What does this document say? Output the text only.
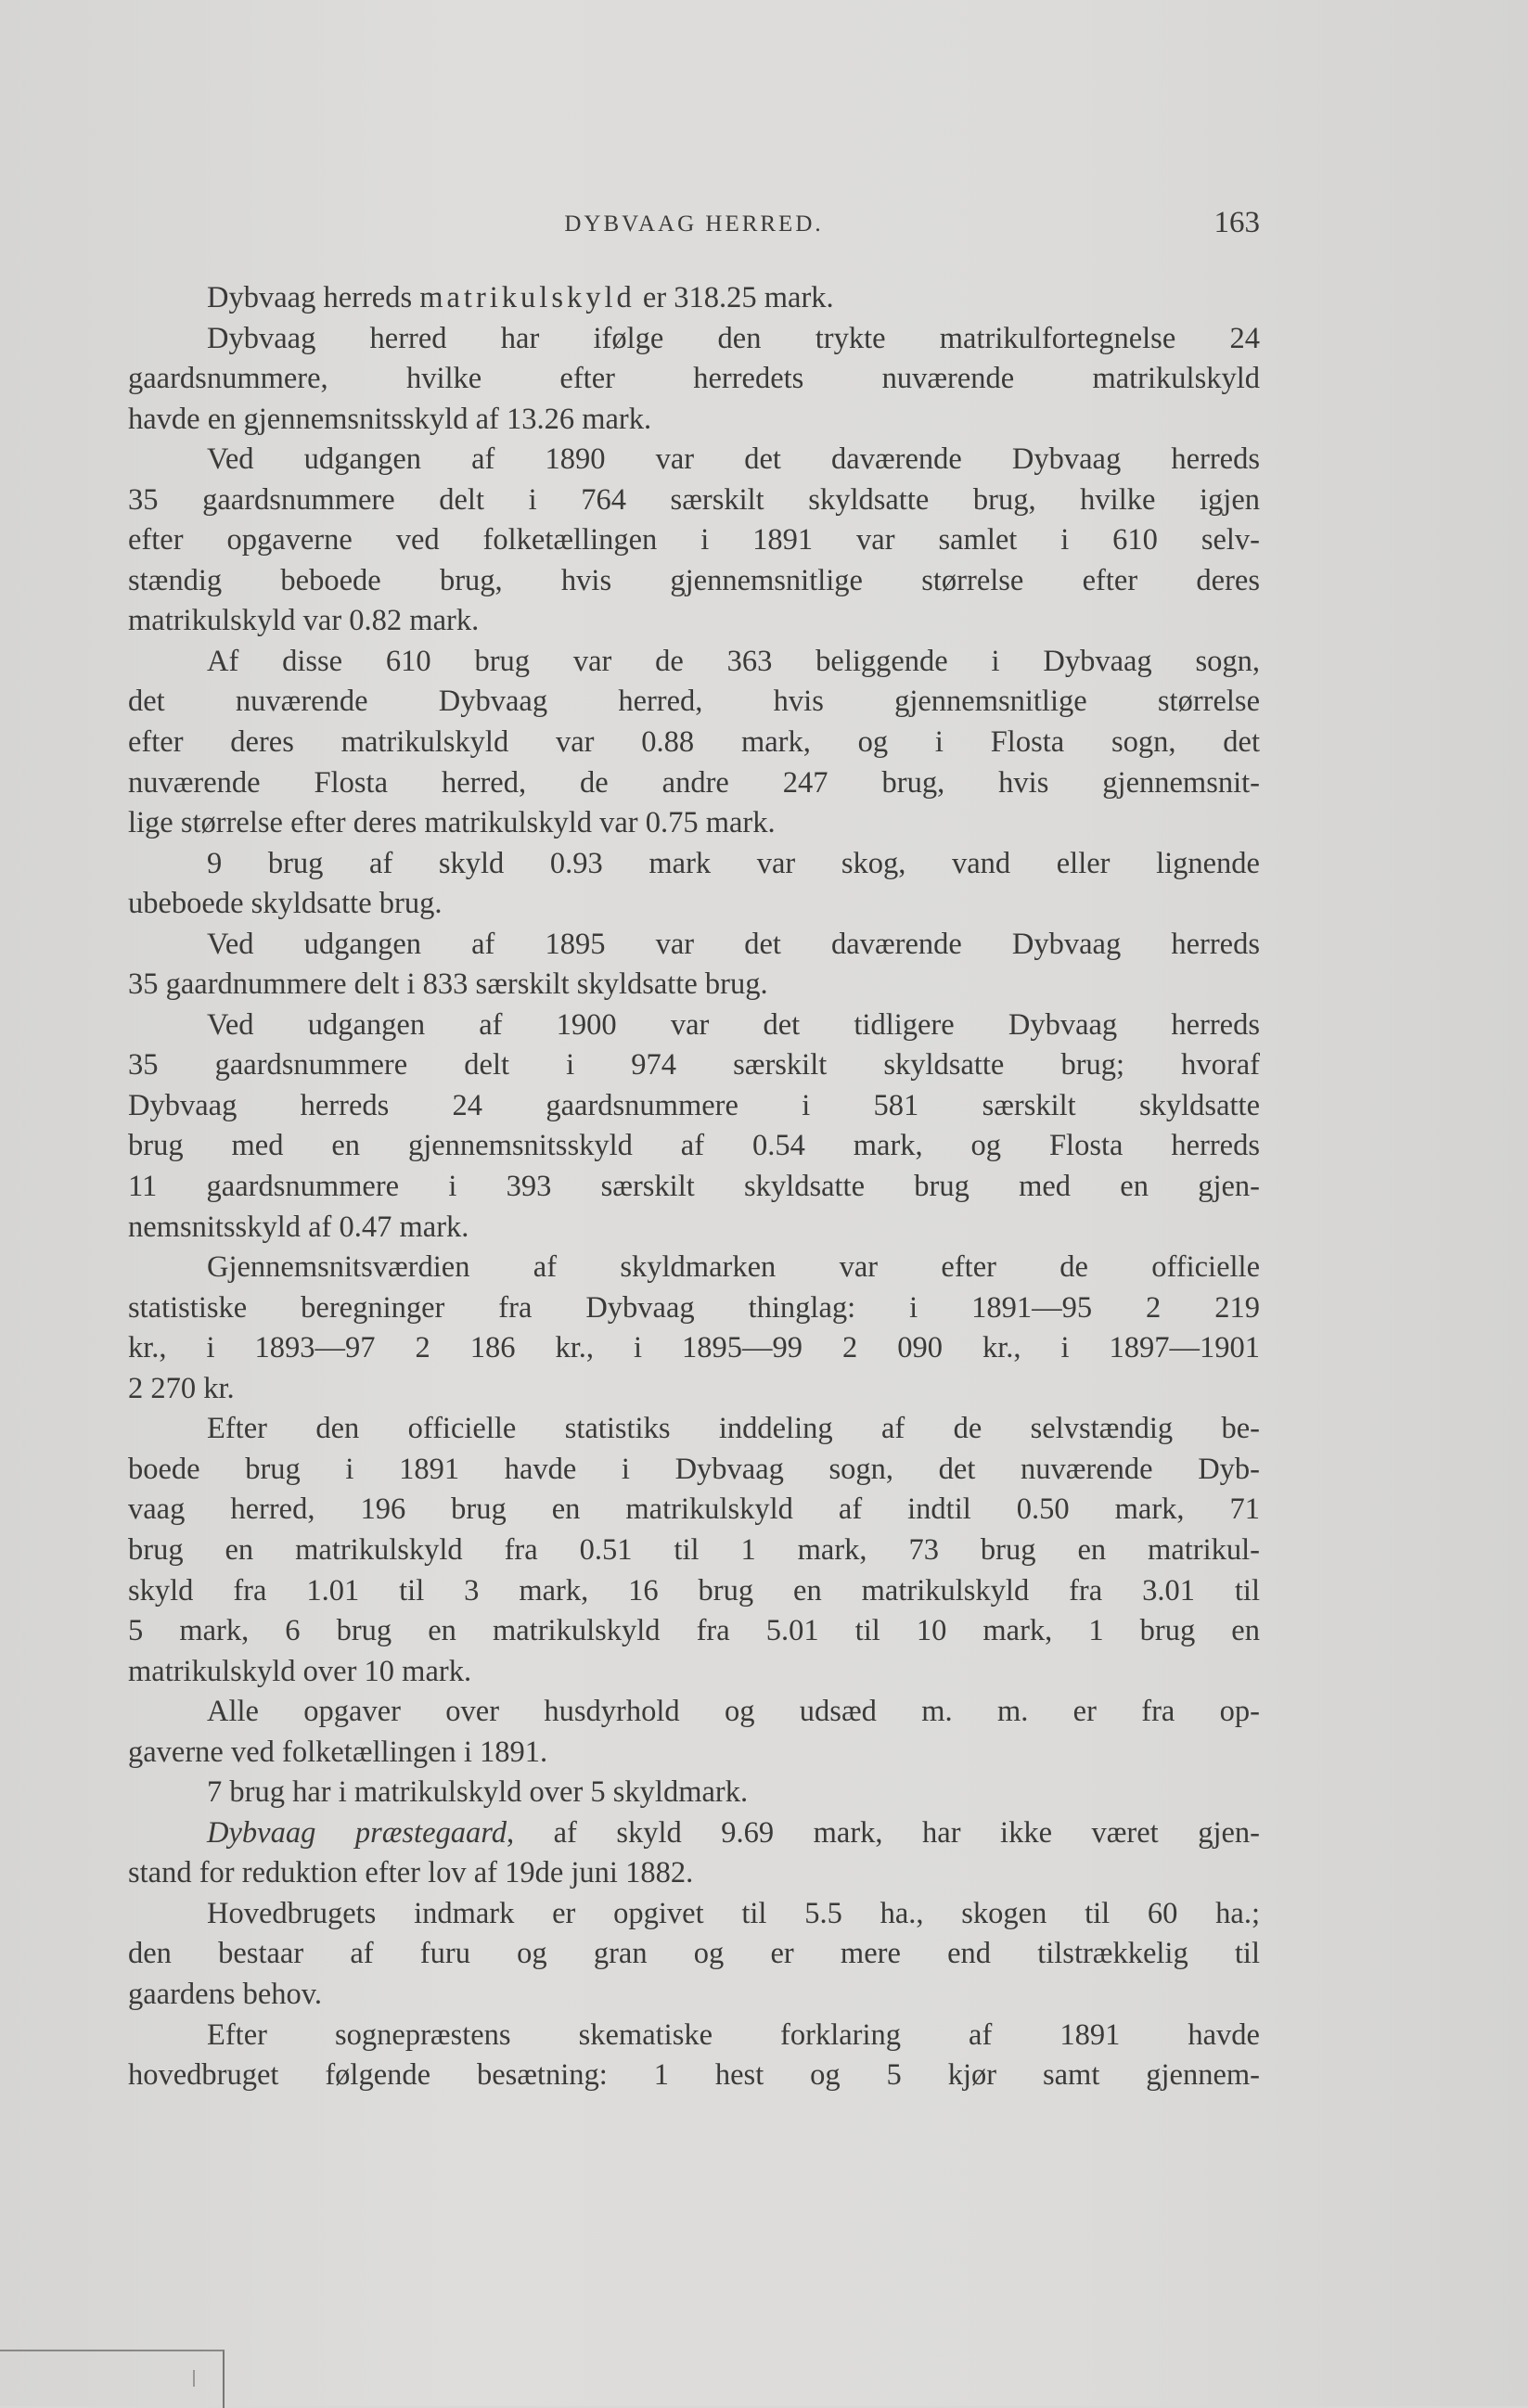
DYBVAAG HERRED.	163
Dybvaag herreds matrikulskyld er 318.25 mark.
Dybvaag herred har ifølge den trykte matrikulfortegnelse 24
gaardsnummere, hvilke efter herredets nuværende matrikulskyld
havde en gjennemsnitsskyld af 13.26 mark.
Ved udgangen af 1890 var det daværende Dybvaag herreds
35 gaardsnummere delt i 764 særskilt skyldsatte brug, hvilke igjen
efter opgaverne ved folketællingen i 1891 var samlet i 610 selv-
stændig beboede brug, hvis gjennemsnitlige størrelse efter deres
matrikulskyld var 0.82 mark.
Af disse 610 brug var de 363 beliggende i Dybvaag sogn,
det nuværende Dybvaag herred, hvis gjennemsnitlige størrelse
efter deres matrikulskyld var 0.88 mark, og i Flosta sogn, det
nuværende Flosta herred, de andre 247 brug, hvis gjennemsnit-
lige størrelse efter deres matrikulskyld var 0.75 mark.
9 brug af skyld 0.93 mark var skog, vand eller lignende
ubeboede skyldsatte brug.
Ved udgangen af 1895 var det daværende Dybvaag herreds
35 gaardnummere delt i 833 særskilt skyldsatte brug.
Ved udgangen af 1900 var det tidligere Dybvaag herreds
35 gaardsnummere delt i 974 særskilt skyldsatte brug; hvoraf
Dybvaag herreds 24 gaardsnummere i 581 særskilt skyldsatte
brug med en gjennemsnitsskyld af 0.54 mark, og Flosta herreds
11 gaardsnummere i 393 særskilt skyldsatte brug med en gjen-
nemsnitsskyld af 0.47 mark.
Gjennemsnitsværdien af skyldmarken var efter de officielle
statistiske beregninger fra Dybvaag thinglag: i 1891—95 2 219
kr., i 1893—97 2 186 kr., i 1895—99 2 090 kr., i 1897—1901
2 270 kr.
Efter den officielle statistiks inddeling af de selvstændig be-
boede brug i 1891 havde i Dybvaag sogn, det nuværende Dyb-
vaag herred, 196 brug en matrikulskyld af indtil 0.50 mark, 71
brug en matrikulskyld fra 0.51 til 1 mark, 73 brug en matrikul-
skyld fra 1.01 til 3 mark, 16 brug en matrikulskyld fra 3.01 til
5 mark, 6 brug en matrikulskyld fra 5.01 til 10 mark, 1 brug en
matrikulskyld over 10 mark.
Alle opgaver over husdyrhold og udsæd m. m. er fra op-
gaverne ved folketællingen i 1891.
7 brug har i matrikulskyld over 5 skyldmark.
Dybvaag præstegaard, af skyld 9.69 mark, har ikke været gjen-
stand for reduktion efter lov af 19de juni 1882.
Hovedbrugets indmark er opgivet til 5.5 ha., skogen til 60 ha.;
den bestaar af furu og gran og er mere end tilstrækkelig til
gaardens behov.
Efter sognepræstens skematiske forklaring af 1891 havde
hovedbruget følgende besætning: 1 hest og 5 kjør samt gjennem-
